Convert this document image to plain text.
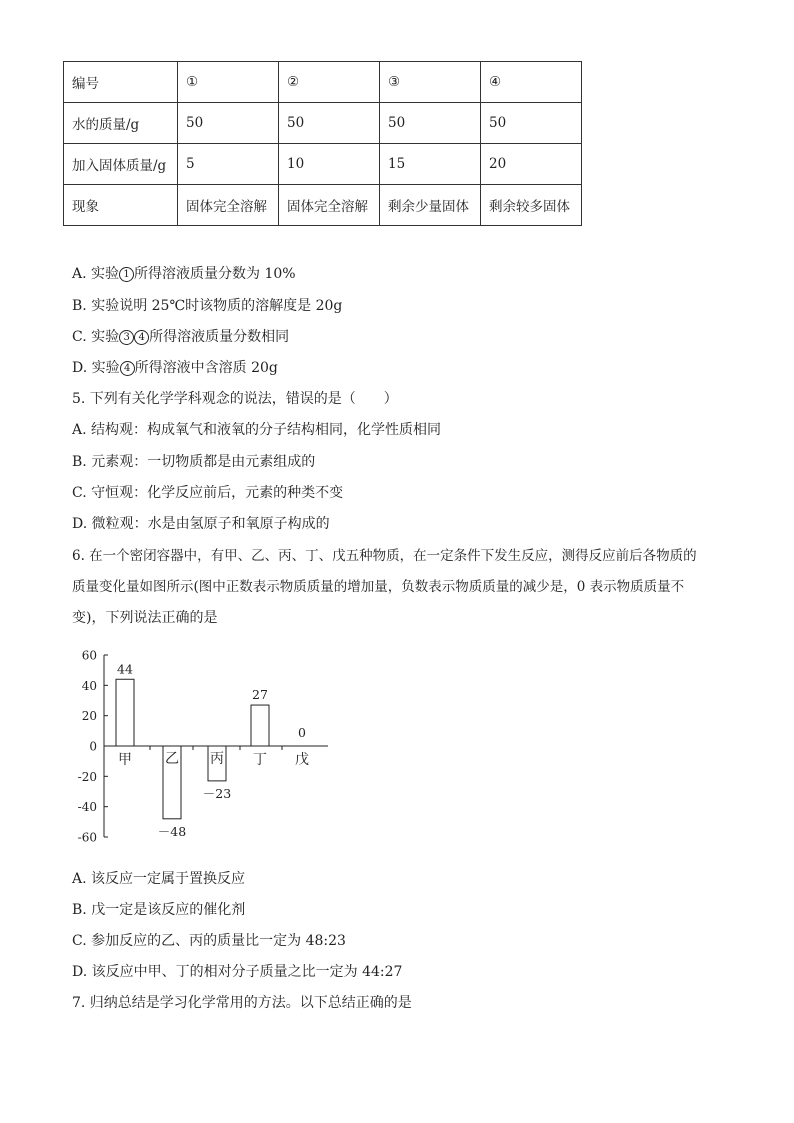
编号	①	②	③	④
水的质量/g	50	50	50	50
加入固体质量/g	5	10	15	20
现象	固体完全溶解	固体完全溶解	剩余少量固体	剩余较多固体
A. 实验 1 所得溶液质量分数为 10%
B. 实验说明 25℃时该物质的溶解度是 20g
C. 实验 3 4 所得溶液质量分数相同
D. 实验 4 所得溶液中含溶质 20g
5. 下列有关化学学科观念的说法，错误的是（　　）
A. 结构观：构成氧气和液氧的分子结构相同，化学性质相同
B. 元素观：一切物质都是由元素组成的
C. 守恒观：化学反应前后，元素的种类不变
D. 微粒观：水是由氢原子和氧原子构成的
6. 在一个密闭容器中，有甲、乙、丙、丁、戊五种物质，在一定条件下发生反应，测得反应前后各物质的
质量变化量如图所示(图中正数表示物质质量的增加量，负数表示物质质量的减少是，0 表示物质质量不
变)，下列说法正确的是
60
40
20
0
-20
-40
-60
甲
44
乙
－48
丙
－23
丁
27
戊
0
A. 该反应一定属于置换反应
B. 戊一定是该反应的催化剂
C. 参加反应的乙、丙的质量比一定为 48:23
D. 该反应中甲、丁的相对分子质量之比一定为 44:27
7. 归纳总结是学习化学常用的方法。以下总结正确的是
